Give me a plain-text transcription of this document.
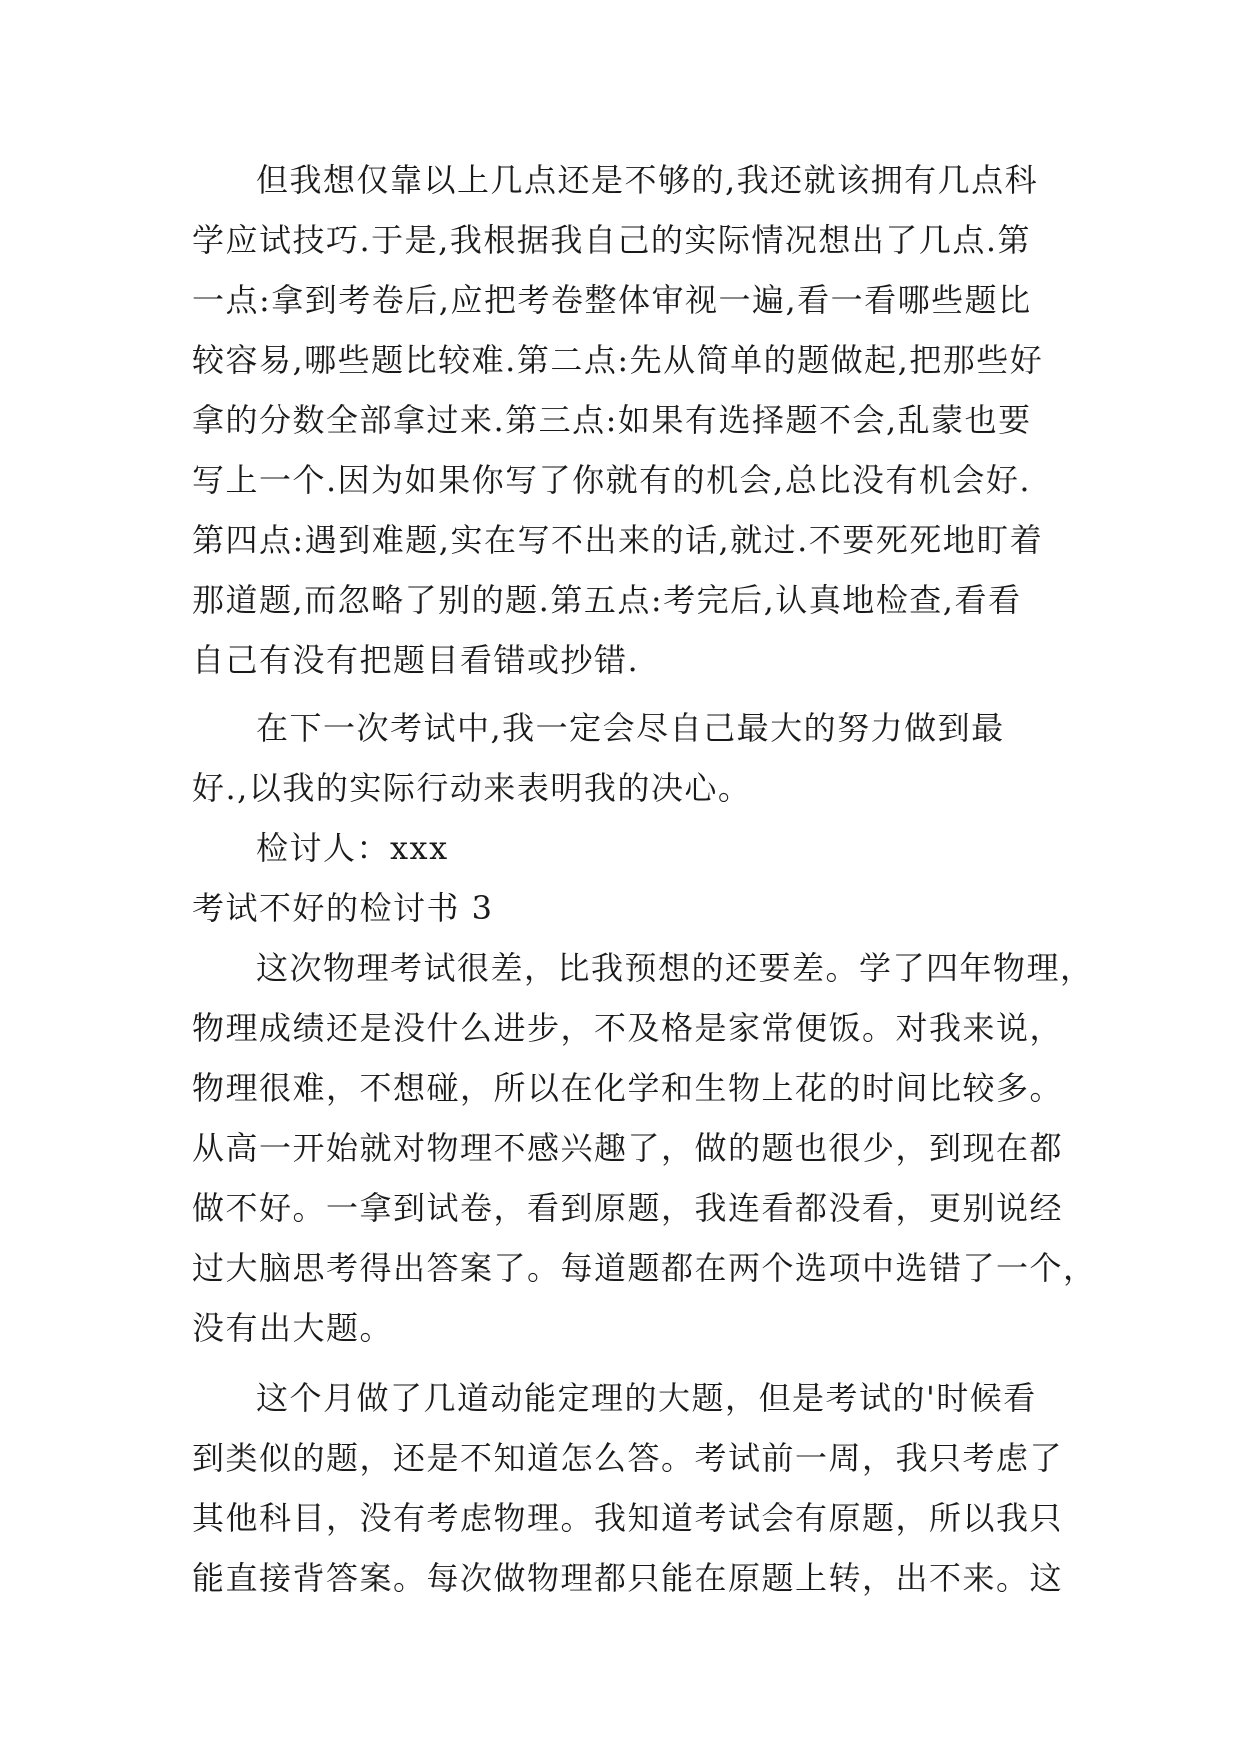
但我想仅靠以上几点还是不够的,我还就该拥有几点科
学应试技巧.于是,我根据我自己的实际情况想出了几点.第
一点:拿到考卷后,应把考卷整体审视一遍,看一看哪些题比
较容易,哪些题比较难.第二点:先从简单的题做起,把那些好
拿的分数全部拿过来.第三点:如果有选择题不会,乱蒙也要
写上一个.因为如果你写了你就有的机会,总比没有机会好.
第四点:遇到难题,实在写不出来的话,就过.不要死死地盯着
那道题,而忽略了别的题.第五点:考完后,认真地检查,看看
自己有没有把题目看错或抄错.
在下一次考试中,我一定会尽自己最大的努力做到最
好.,以我的实际行动来表明我的决心。
检讨人：xxx
考试不好的检讨书 3
这次物理考试很差，比我预想的还要差。学了四年物理，
物理成绩还是没什么进步，不及格是家常便饭。对我来说，
物理很难，不想碰，所以在化学和生物上花的时间比较多。
从高一开始就对物理不感兴趣了，做的题也很少，到现在都
做不好。一拿到试卷，看到原题，我连看都没看，更别说经
过大脑思考得出答案了。每道题都在两个选项中选错了一个，
没有出大题。
这个月做了几道动能定理的大题，但是考试的'时候看
到类似的题，还是不知道怎么答。考试前一周，我只考虑了
其他科目，没有考虑物理。我知道考试会有原题，所以我只
能直接背答案。每次做物理都只能在原题上转，出不来。这
